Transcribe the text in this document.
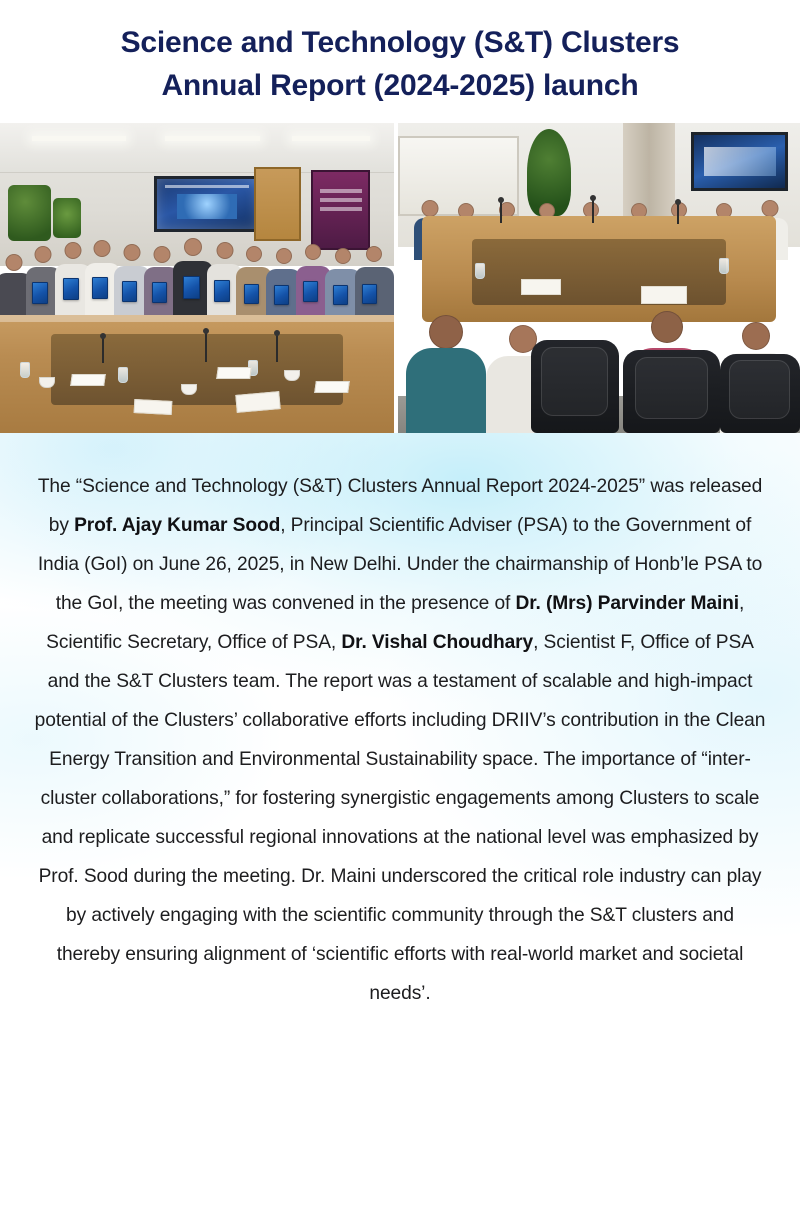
Science and Technology (S&T) Clusters
Annual Report (2024-2025) launch

The “Science and Technology (S&T) Clusters Annual Report 2024-2025” was released by Prof. Ajay Kumar Sood, Principal Scientific Adviser (PSA) to the Government of India (GoI) on June 26, 2025, in New Delhi. Under the chairmanship of Honb’le PSA to the GoI, the meeting was convened in the presence of Dr. (Mrs) Parvinder Maini, Scientific Secretary, Office of PSA, Dr. Vishal Choudhary, Scientist F, Office of PSA and the S&T Clusters team. The report was a testament of scalable and high-impact potential of the Clusters’ collaborative efforts including DRIIV’s contribution in the Clean Energy Transition and Environmental Sustainability space. The importance of “inter-cluster collaborations,” for fostering synergistic engagements among Clusters to scale and replicate successful regional innovations at the national level was emphasized by Prof. Sood during the meeting. Dr. Maini underscored the critical role industry can play by actively engaging with the scientific community through the S&T clusters and thereby ensuring alignment of ‘scientific efforts with real-world market and societal needs’.
